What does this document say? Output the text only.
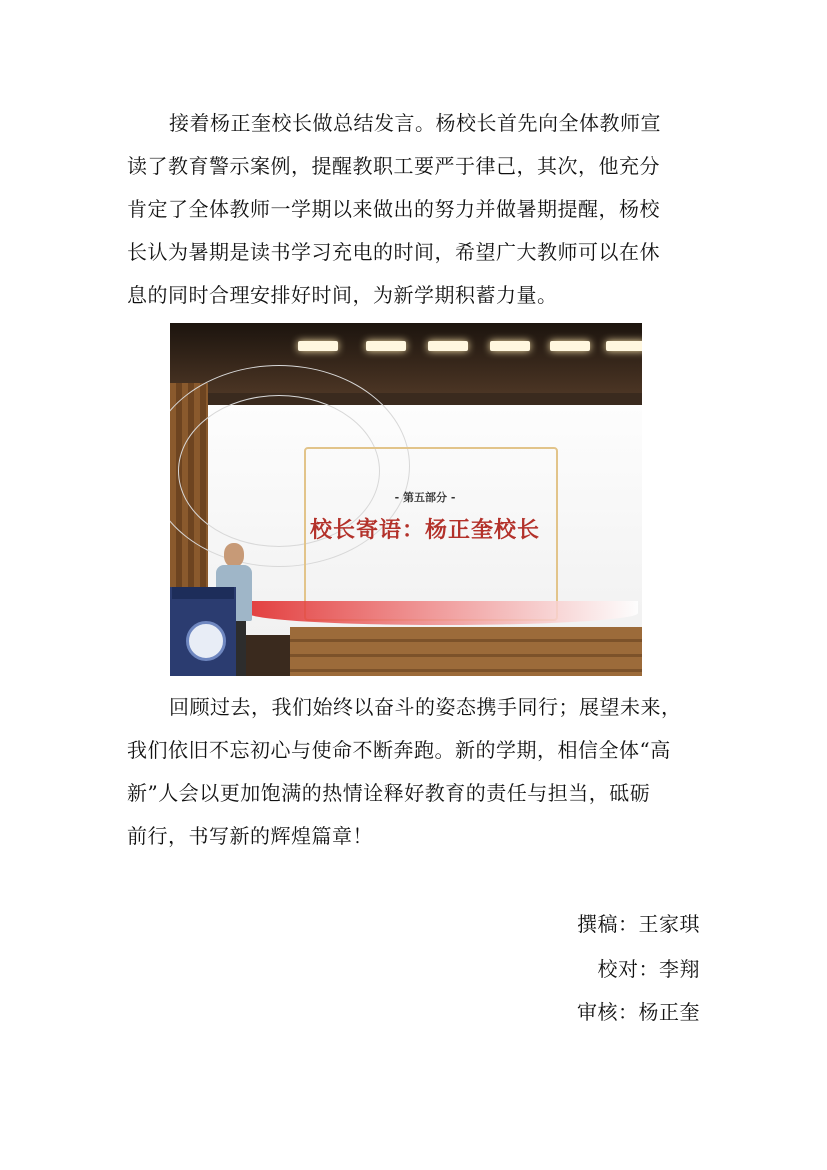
接着杨正奎校长做总结发言。杨校长首先向全体教师宣
读了教育警示案例，提醒教职工要严于律己，其次，他充分
肯定了全体教师一学期以来做出的努力并做暑期提醒，杨校
长认为暑期是读书学习充电的时间，希望广大教师可以在休
息的同时合理安排好时间，为新学期积蓄力量。
- 第五部分 -
校长寄语：杨正奎校长
回顾过去，我们始终以奋斗的姿态携手同行；展望未来，
我们依旧不忘初心与使命不断奔跑。新的学期，相信全体“高
新”人会以更加饱满的热情诠释好教育的责任与担当，砥砺
前行，书写新的辉煌篇章！
撰稿：王家琪
校对：李翔
审核：杨正奎
